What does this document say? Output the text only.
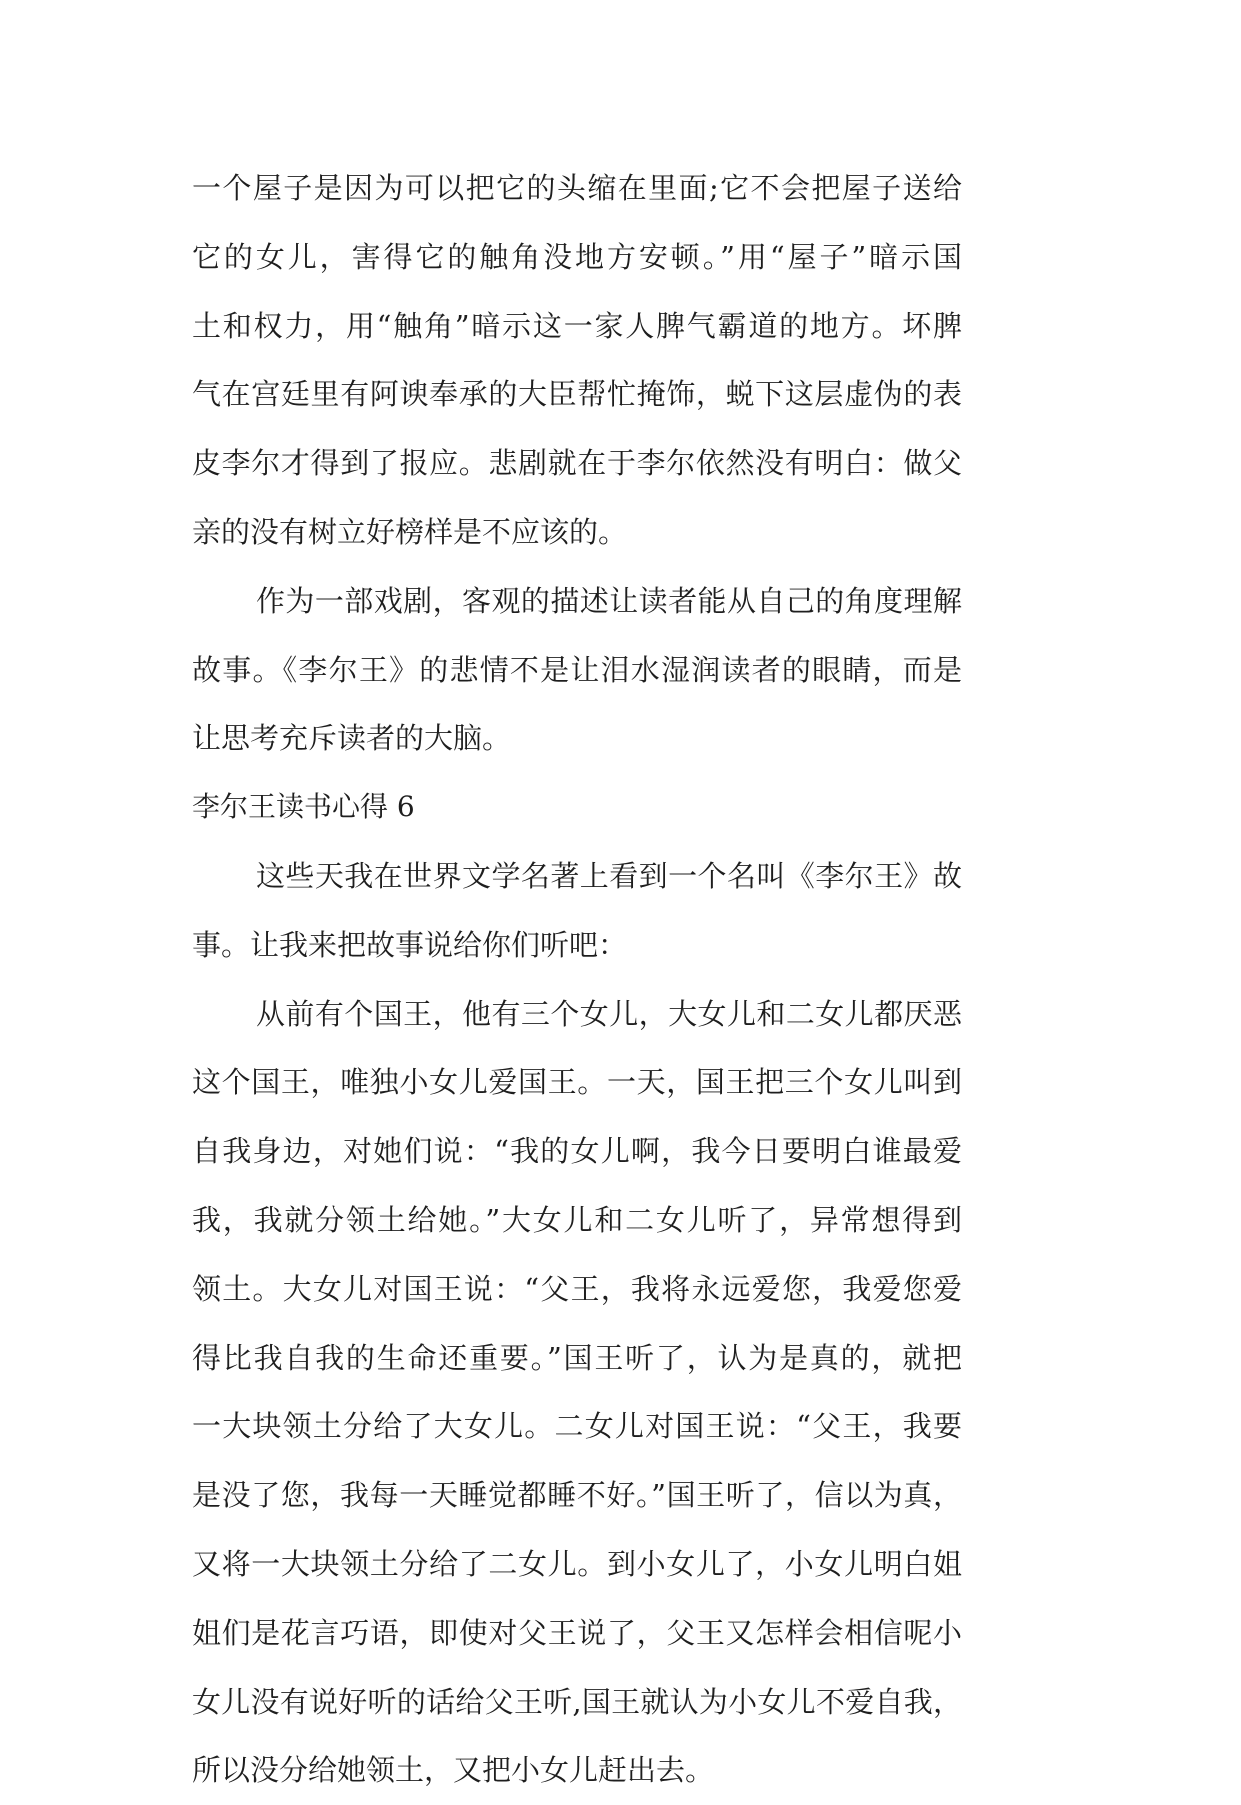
一个屋子是因为可以把它的头缩在里面;它不会把屋子送给
它的女儿，害得它的触角没地方安顿。”用“屋子”暗示国
土和权力，用“触角”暗示这一家人脾气霸道的地方。坏脾
气在宫廷里有阿谀奉承的大臣帮忙掩饰，蜕下这层虚伪的表
皮李尔才得到了报应。悲剧就在于李尔依然没有明白：做父
亲的没有树立好榜样是不应该的。
作为一部戏剧，客观的描述让读者能从自己的角度理解
故事。《李尔王》的悲情不是让泪水湿润读者的眼睛，而是
让思考充斥读者的大脑。
李尔王读书心得 6
这些天我在世界文学名著上看到一个名叫《李尔王》故
事。让我来把故事说给你们听吧：
从前有个国王，他有三个女儿，大女儿和二女儿都厌恶
这个国王，唯独小女儿爱国王。一天，国王把三个女儿叫到
自我身边，对她们说：“我的女儿啊，我今日要明白谁最爱
我，我就分领土给她。”大女儿和二女儿听了，异常想得到
领土。大女儿对国王说：“父王，我将永远爱您，我爱您爱
得比我自我的生命还重要。”国王听了，认为是真的，就把
一大块领土分给了大女儿。二女儿对国王说：“父王，我要
是没了您，我每一天睡觉都睡不好。”国王听了，信以为真，
又将一大块领土分给了二女儿。到小女儿了，小女儿明白姐
姐们是花言巧语，即使对父王说了，父王又怎样会相信呢小
女儿没有说好听的话给父王听,国王就认为小女儿不爱自我，
所以没分给她领土，又把小女儿赶出去。
